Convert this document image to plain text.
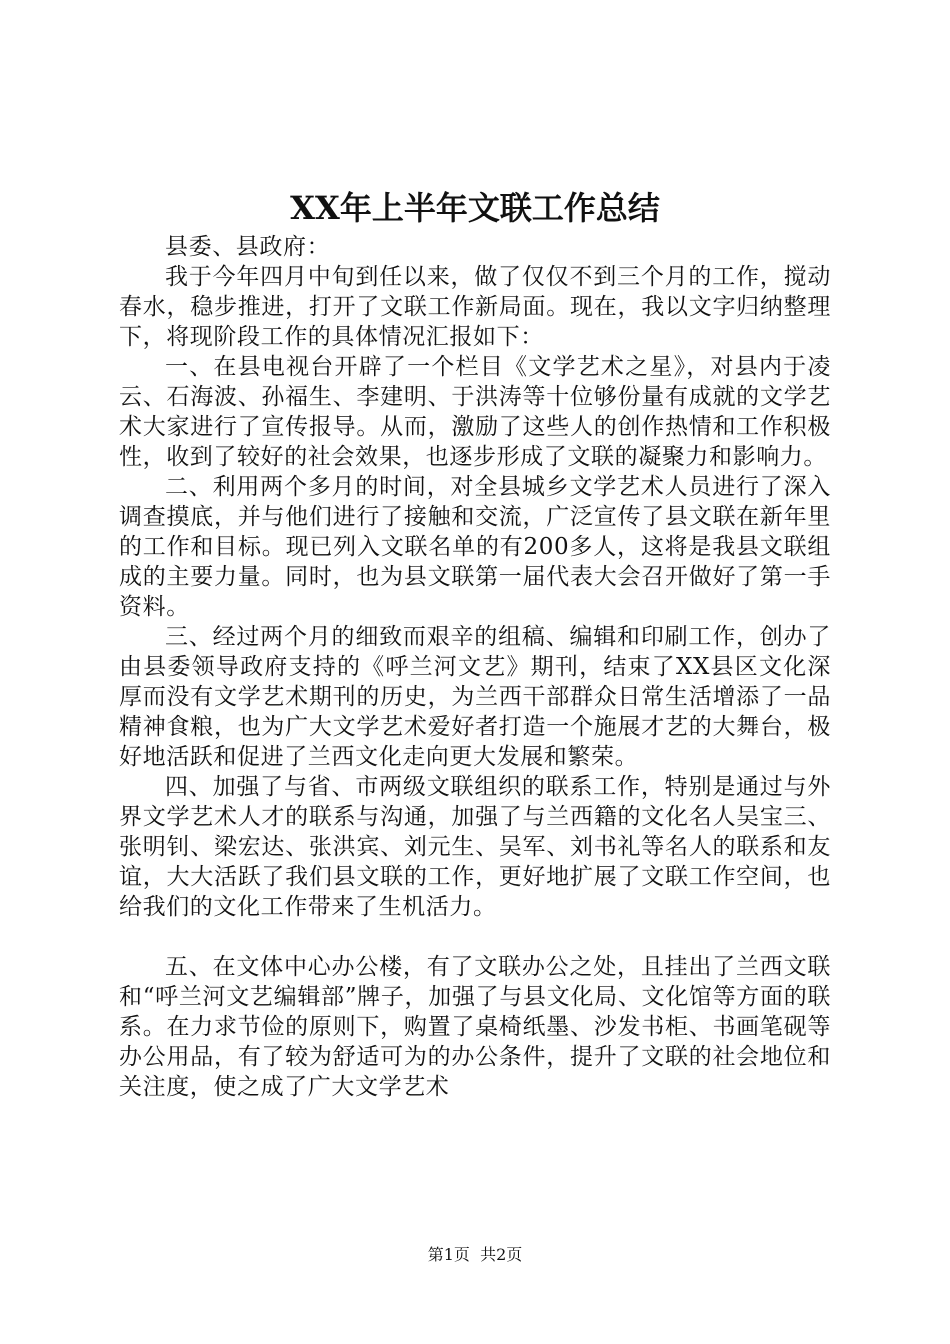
XX年上半年文联工作总结

县委、县政府：

我于今年四月中旬到任以来，做了仅仅不到三个月的工作，搅动春水，稳步推进，打开了文联工作新局面。现在，我以文字归纳整理下，将现阶段工作的具体情况汇报如下：

一、在县电视台开辟了一个栏目《文学艺术之星》，对县内于凌云、石海波、孙福生、李建明、于洪涛等十位够份量有成就的文学艺术大家进行了宣传报导。从而，激励了这些人的创作热情和工作积极性，收到了较好的社会效果，也逐步形成了文联的凝聚力和影响力。

二、利用两个多月的时间，对全县城乡文学艺术人员进行了深入调查摸底，并与他们进行了接触和交流，广泛宣传了县文联在新年里的工作和目标。现已列入文联名单的有200多人，这将是我县文联组成的主要力量。同时，也为县文联第一届代表大会召开做好了第一手资料。

三、经过两个月的细致而艰辛的组稿、编辑和印刷工作，创办了由县委领导政府支持的《呼兰河文艺》期刊，结束了XX县区文化深厚而没有文学艺术期刊的历史，为兰西干部群众日常生活增添了一品精神食粮，也为广大文学艺术爱好者打造一个施展才艺的大舞台，极好地活跃和促进了兰西文化走向更大发展和繁荣。

四、加强了与省、市两级文联组织的联系工作，特别是通过与外界文学艺术人才的联系与沟通，加强了与兰西籍的文化名人吴宝三、张明钊、梁宏达、张洪宾、刘元生、吴军、刘书礼等名人的联系和友谊，大大活跃了我们县文联的工作，更好地扩展了文联工作空间，也给我们的文化工作带来了生机活力。

五、在文体中心办公楼，有了文联办公之处，且挂出了兰西文联和“呼兰河文艺编辑部”牌子，加强了与县文化局、文化馆等方面的联系。在力求节俭的原则下，购置了桌椅纸墨、沙发书柜、书画笔砚等办公用品，有了较为舒适可为的办公条件，提升了文联的社会地位和关注度，使之成了广大文学艺术

第1页 共2页
